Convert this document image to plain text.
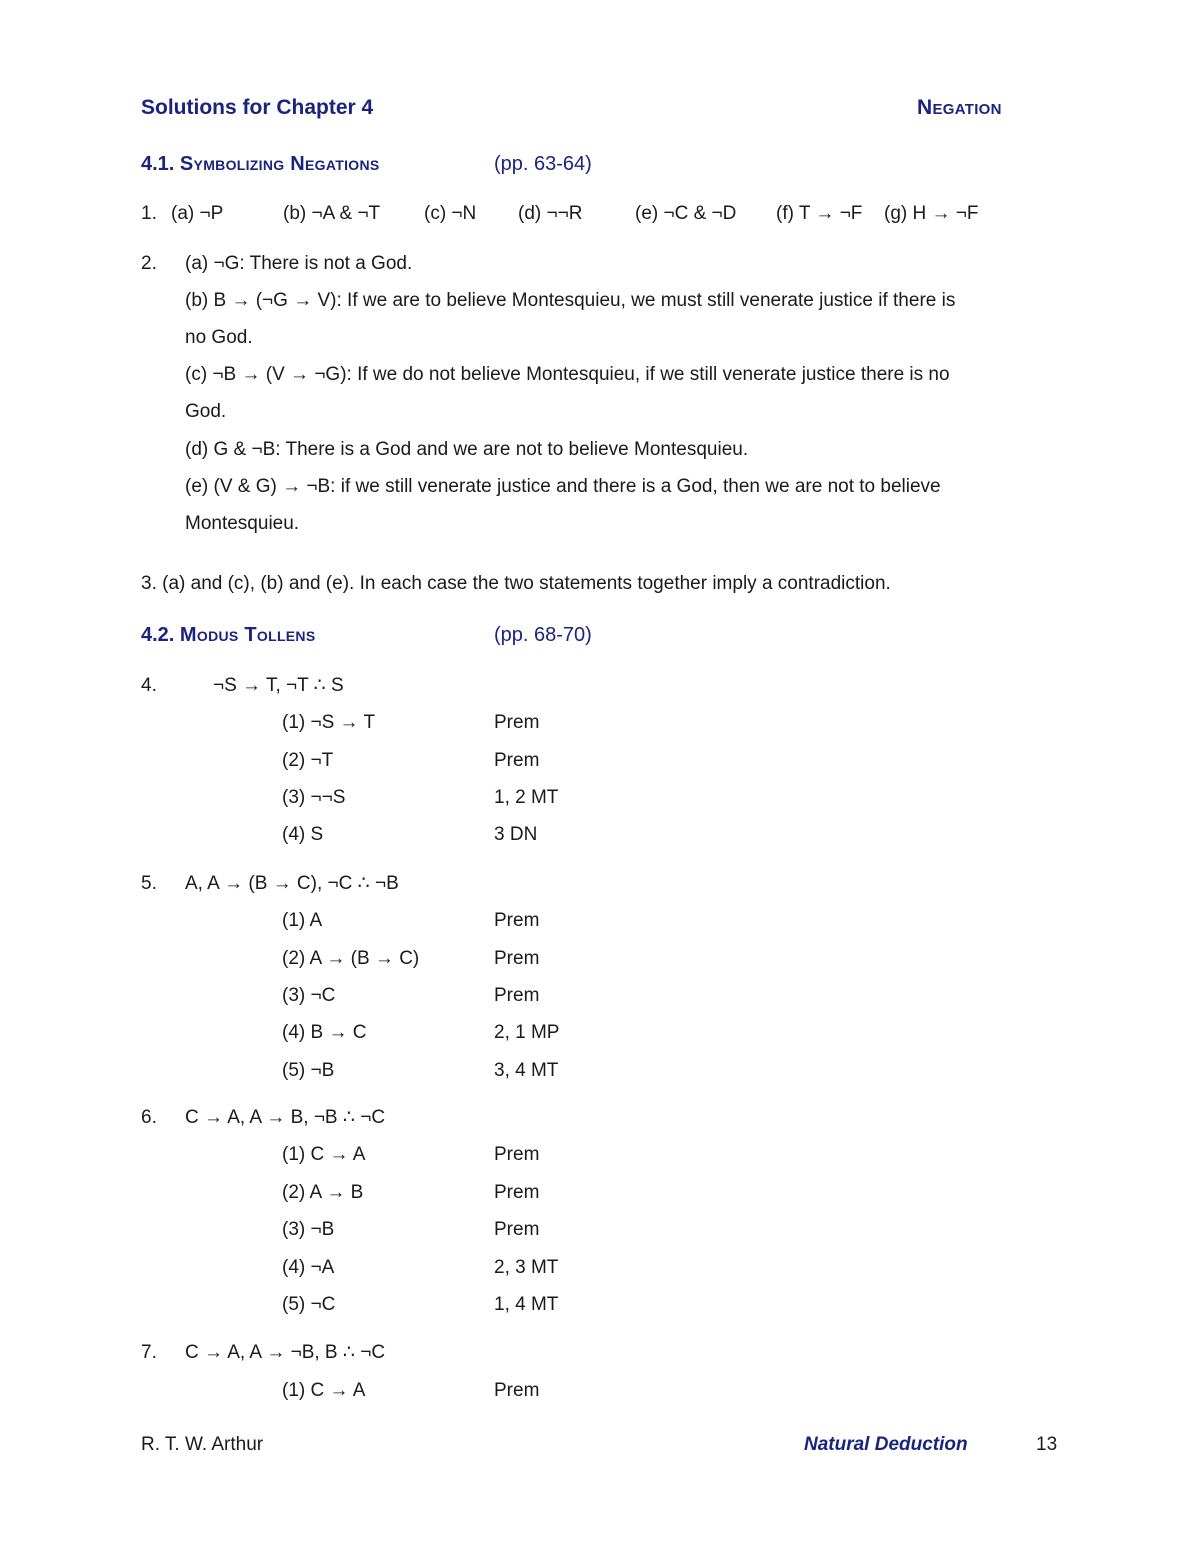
Solutions for Chapter 4	Negation
4.1. Symbolizing Negations	(pp. 63-64)
1. (a) ¬P	(b) ¬A & ¬T (c) ¬N (d) ¬¬R	(e) ¬C & ¬D (f) T → ¬F (g) H → ¬F
2. (a) ¬G: There is not a God.
(b) B → (¬G → V): If we are to believe Montesquieu, we must still venerate justice if there is
no God.
(c) ¬B → (V → ¬G): If we do not believe Montesquieu, if we still venerate justice there is no
God.
(d) G & ¬B: There is a God and we are not to believe Montesquieu.
(e) (V & G) → ¬B: if we still venerate justice and there is a God, then we are not to believe
Montesquieu.
3. (a) and (c), (b) and (e). In each case the two statements together imply a contradiction.
4.2. Modus Tollens	(pp. 68-70)
4.	¬S → T, ¬T ∴ S
(1) ¬S → T	Prem
(2) ¬T	Prem
(3) ¬¬S	1, 2 MT
(4) S	3 DN
5. A, A → (B → C), ¬C ∴ ¬B
(1) A	Prem
(2) A → (B → C)	Prem
(3) ¬C	Prem
(4) B → C	2, 1 MP
(5) ¬B	3, 4 MT
6. C → A, A → B, ¬B ∴ ¬C
(1) C → A	Prem
(2) A → B	Prem
(3) ¬B	Prem
(4) ¬A	2, 3 MT
(5) ¬C	1, 4 MT
7. C → A, A → ¬B, B ∴ ¬C
(1) C → A	Prem
R. T. W. Arthur	Natural Deduction	13
